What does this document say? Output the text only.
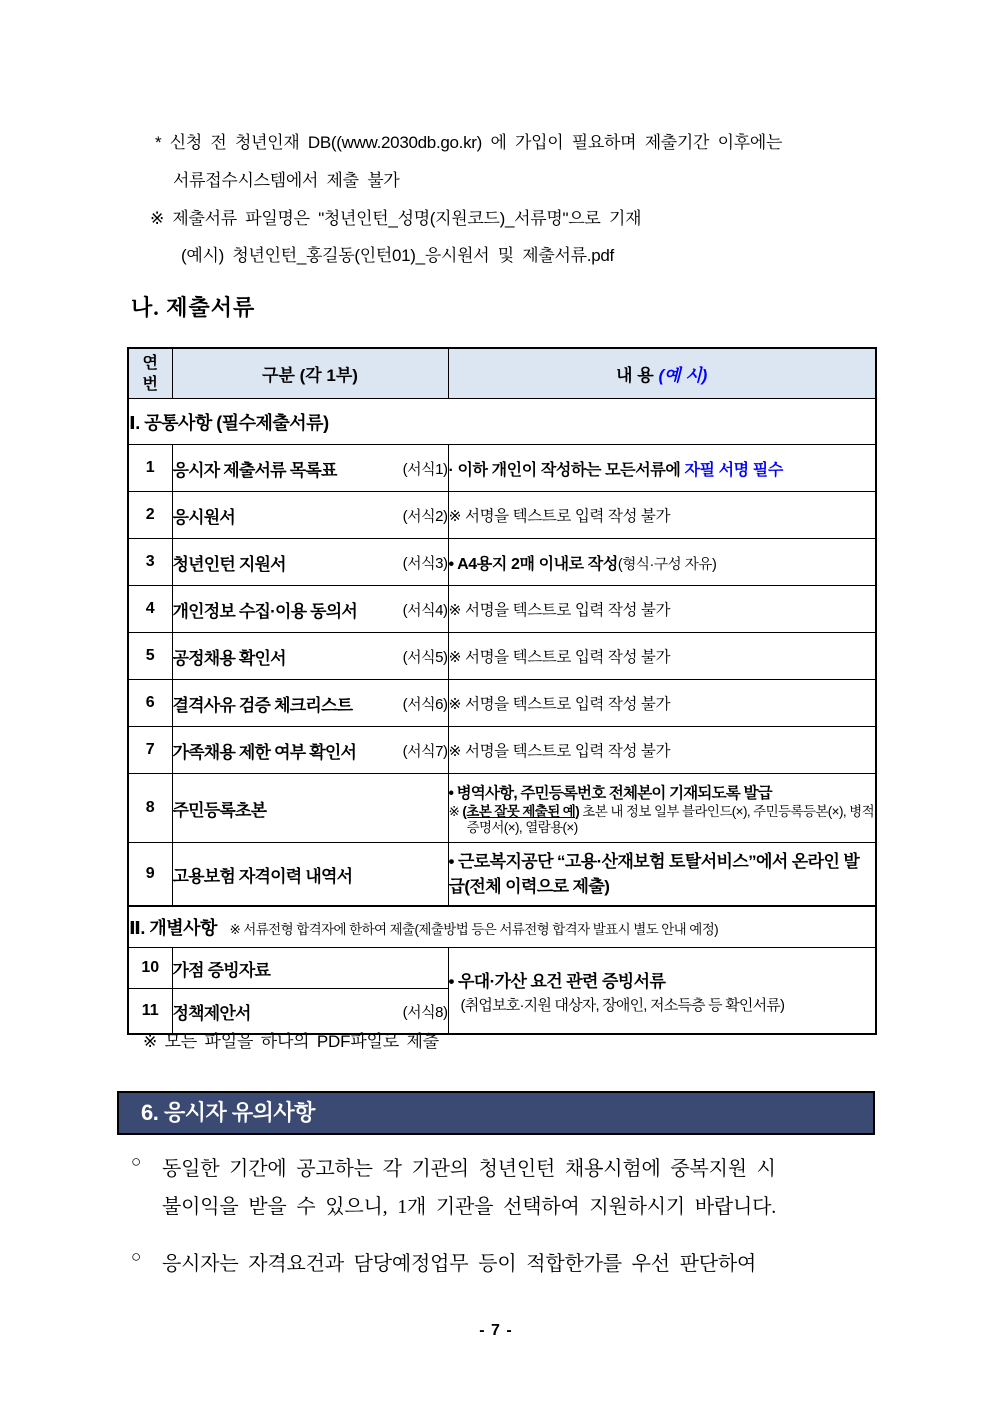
* 신청 전 청년인재 DB((www.2030db.go.kr) 에 가입이 필요하며 제출기간 이후에는
서류접수시스템에서 제출 불가
※ 제출서류 파일명은 "청년인턴_성명(지원코드)_서류명"으로 기재
(예시) 청년인턴_홍길동(인턴01)_응시원서 및 제출서류.pdf
나. 제출서류
연
번	구분 (각 1부)	내 용 (예 시)
Ⅰ. 공통사항 (필수제출서류)		
1	응시자 제출서류 목록표 (서식1)	· 이하 개인이 작성하는 모든서류에 자필 서명 필수
2	응시원서 (서식2)	※ 서명을 텍스트로 입력 작성 불가
3	청년인턴 지원서 (서식3)	• A4용지 2매 이내로 작성(형식·구성 자유)
4	개인정보 수집·이용 동의서 (서식4)	※ 서명을 텍스트로 입력 작성 불가
5	공정채용 확인서 (서식5)	※ 서명을 텍스트로 입력 작성 불가
6	결격사유 검증 체크리스트 (서식6)	※ 서명을 텍스트로 입력 작성 불가
7	가족채용 제한 여부 확인서 (서식7)	※ 서명을 텍스트로 입력 작성 불가
8	주민등록초본	• 병역사항, 주민등록번호 전체본이 기재되도록 발급
※ (초본 잘못 제출된 예) 초본 내 정보 일부 블라인드(×), 주민등록등본(×), 병적증명서(×), 열람용(×)

9	고용보험 자격이력 내역서	• 근로복지공단 “고용·산재보험 토탈서비스”에서 온라인 발급(전체 이력으로 제출)

Ⅱ. 개별사항 ※ 서류전형 합격자에 한하여 제출(제출방법 등은 서류전형 합격자 발표시 별도 안내 예정)		
10	가점 증빙자료	• 우대·가산 요건 관련 증빙서류
(취업보호·지원 대상자, 장애인, 저소득층 등 확인서류)

11	정책제안서 (서식8)	
※ 모든 파일을 하나의 PDF파일로 제출
6. 응시자 유의사항
○ 동일한 기간에 공고하는 각 기관의 청년인턴 채용시험에 중복지원 시
불이익을 받을 수 있으니, 1개 기관을 선택하여 지원하시기 바랍니다.
○ 응시자는 자격요건과 담당예정업무 등이 적합한가를 우선 판단하여
- 7 -
